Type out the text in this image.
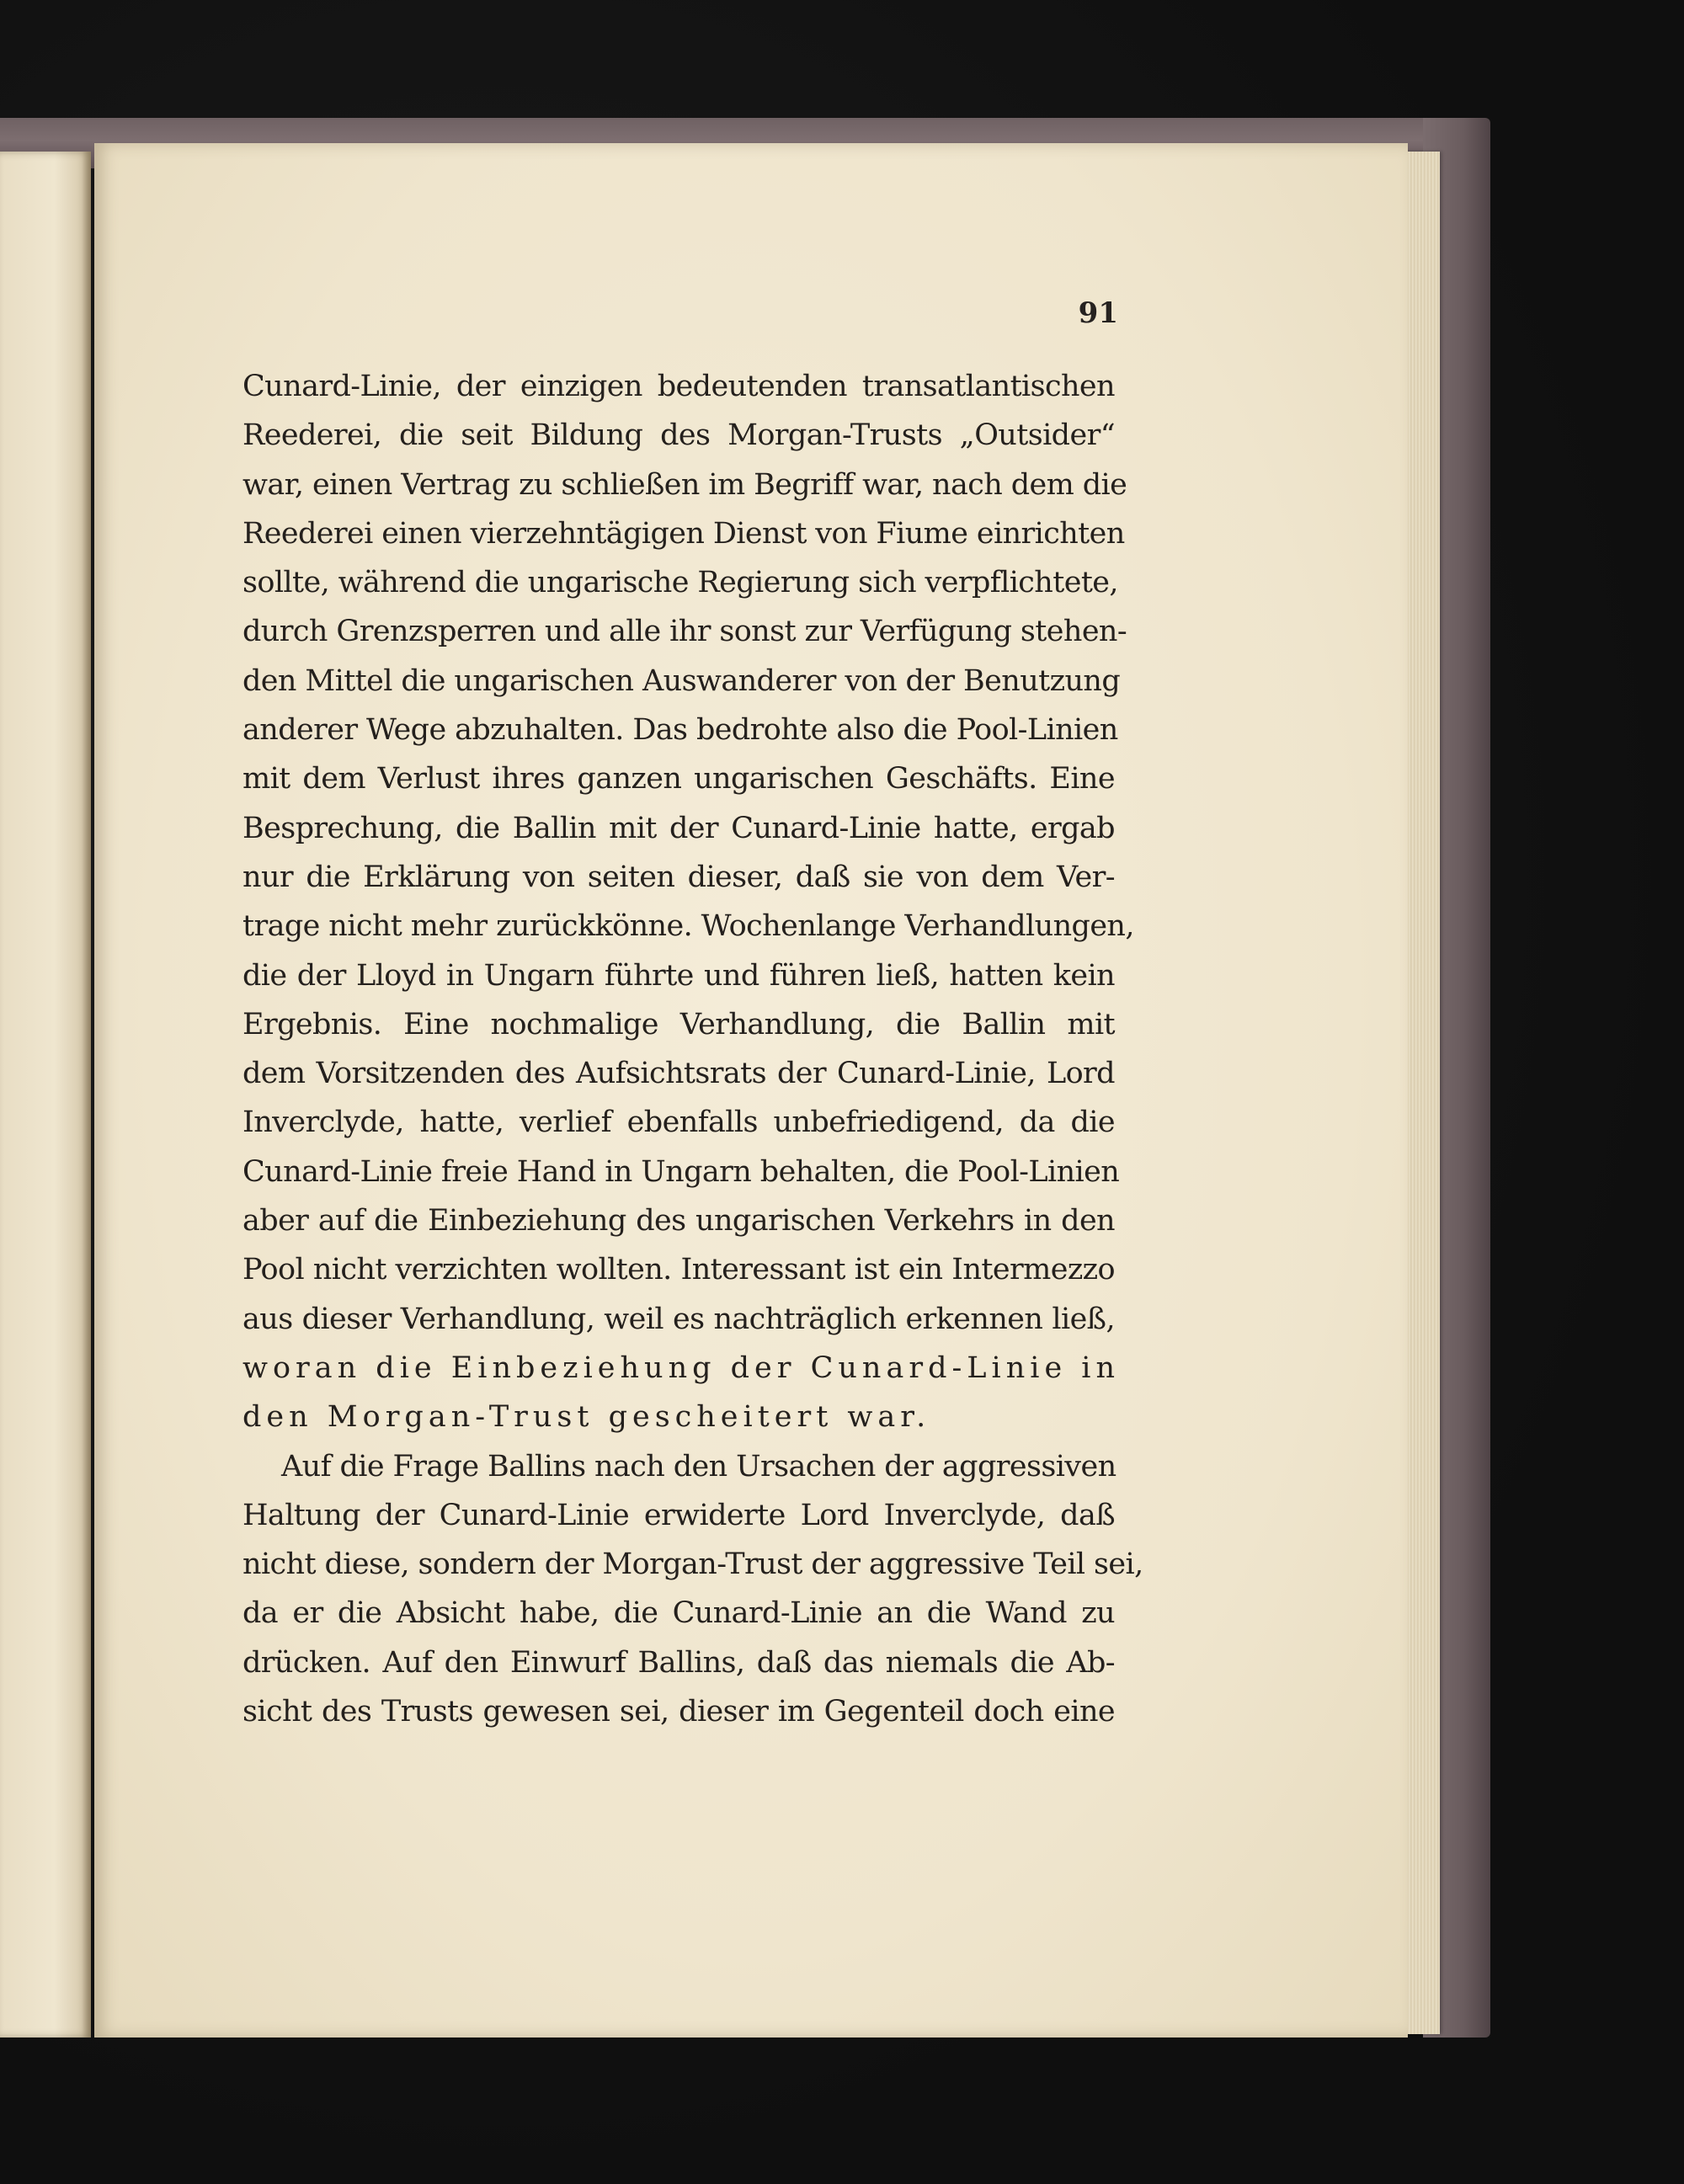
91
Cunard-Linie, der einzigen bedeutenden transatlantischen
Reederei, die seit Bildung des Morgan-Trusts „Outsider“
war, einen Vertrag zu schließen im Begriff war, nach dem die
Reederei einen vierzehntägigen Dienst von Fiume einrichten
sollte, während die ungarische Regierung sich verpflichtete,
durch Grenzsperren und alle ihr sonst zur Verfügung stehen-
den Mittel die ungarischen Auswanderer von der Benutzung
anderer Wege abzuhalten. Das bedrohte also die Pool-Linien
mit dem Verlust ihres ganzen ungarischen Geschäfts. Eine
Besprechung, die Ballin mit der Cunard-Linie hatte, ergab
nur die Erklärung von seiten dieser, daß sie von dem Ver-
trage nicht mehr zurückkönne. Wochenlange Verhandlungen,
die der Lloyd in Ungarn führte und führen ließ, hatten kein
Ergebnis. Eine nochmalige Verhandlung, die Ballin mit
dem Vorsitzenden des Aufsichtsrats der Cunard-Linie, Lord
Inverclyde, hatte, verlief ebenfalls unbefriedigend, da die
Cunard-Linie freie Hand in Ungarn behalten, die Pool-Linien
aber auf die Einbeziehung des ungarischen Verkehrs in den
Pool nicht verzichten wollten. Interessant ist ein Intermezzo
aus dieser Verhandlung, weil es nachträglich erkennen ließ,
woran die Einbeziehung der Cunard-Linie in
den Morgan-Trust gescheitert war.
Auf die Frage Ballins nach den Ursachen der aggressiven
Haltung der Cunard-Linie erwiderte Lord Inverclyde, daß
nicht diese, sondern der Morgan-Trust der aggressive Teil sei,
da er die Absicht habe, die Cunard-Linie an die Wand zu
drücken. Auf den Einwurf Ballins, daß das niemals die Ab-
sicht des Trusts gewesen sei, dieser im Gegenteil doch eine
